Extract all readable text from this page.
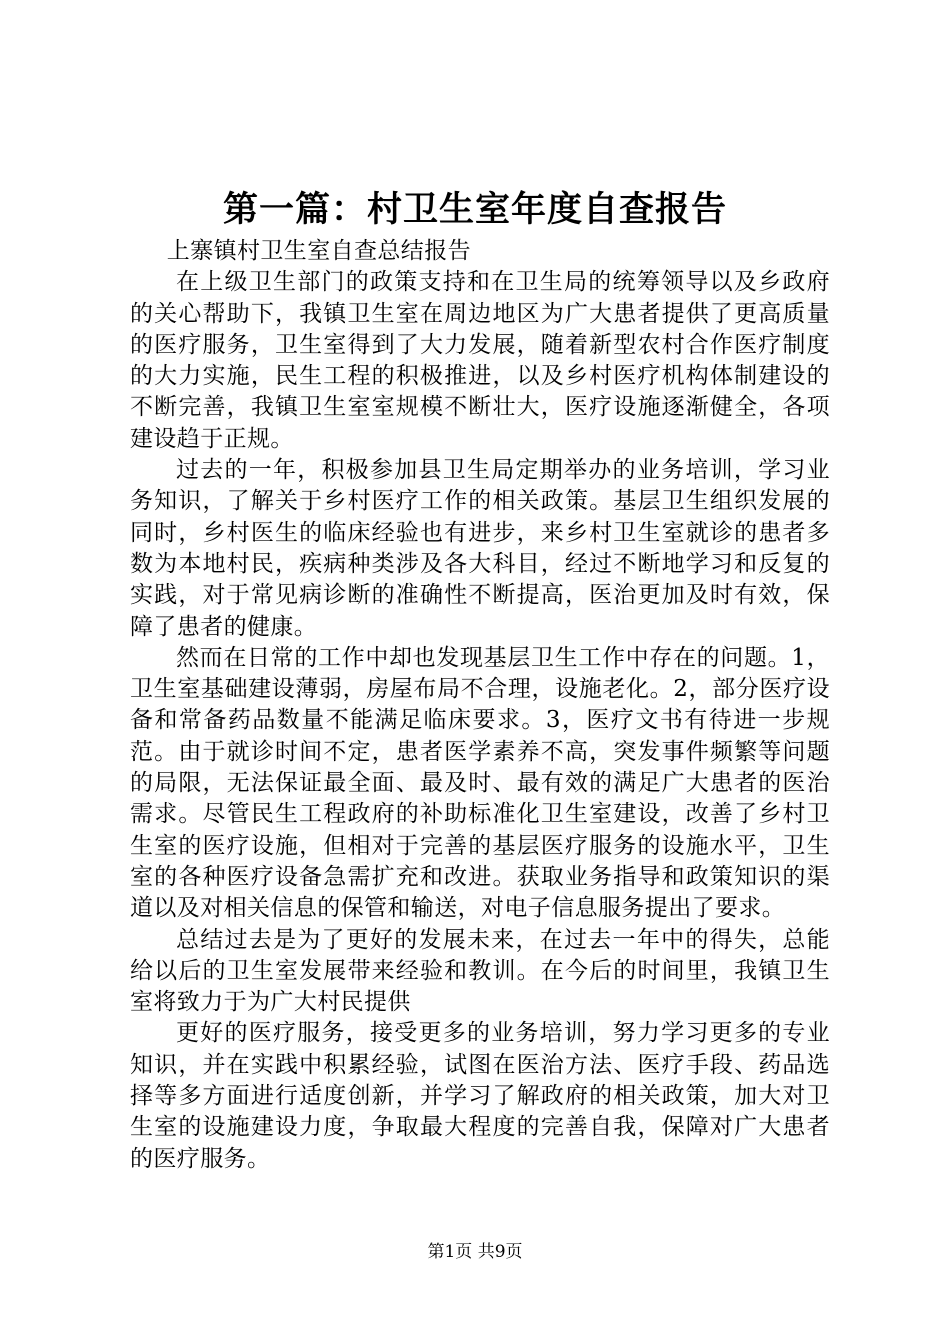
第一篇：村卫生室年度自查报告

上寨镇村卫生室自查总结报告

在上级卫生部门的政策支持和在卫生局的统筹领导以及乡政府的关心帮助下，我镇卫生室在周边地区为广大患者提供了更高质量的医疗服务，卫生室得到了大力发展，随着新型农村合作医疗制度的大力实施，民生工程的积极推进，以及乡村医疗机构体制建设的不断完善，我镇卫生室室规模不断壮大，医疗设施逐渐健全，各项建设趋于正规。

过去的一年，积极参加县卫生局定期举办的业务培训，学习业务知识，了解关于乡村医疗工作的相关政策。基层卫生组织发展的同时，乡村医生的临床经验也有进步，来乡村卫生室就诊的患者多数为本地村民，疾病种类涉及各大科目，经过不断地学习和反复的实践，对于常见病诊断的准确性不断提高，医治更加及时有效，保障了患者的健康。

然而在日常的工作中却也发现基层卫生工作中存在的问题。1，卫生室基础建设薄弱，房屋布局不合理，设施老化。2，部分医疗设备和常备药品数量不能满足临床要求。3，医疗文书有待进一步规范。由于就诊时间不定，患者医学素养不高，突发事件频繁等问题的局限，无法保证最全面、最及时、最有效的满足广大患者的医治需求。尽管民生工程政府的补助标准化卫生室建设，改善了乡村卫生室的医疗设施，但相对于完善的基层医疗服务的设施水平，卫生室的各种医疗设备急需扩充和改进。获取业务指导和政策知识的渠道以及对相关信息的保管和输送，对电子信息服务提出了要求。

总结过去是为了更好的发展未来，在过去一年中的得失，总能给以后的卫生室发展带来经验和教训。在今后的时间里，我镇卫生室将致力于为广大村民提供

更好的医疗服务，接受更多的业务培训，努力学习更多的专业知识，并在实践中积累经验，试图在医治方法、医疗手段、药品选择等多方面进行适度创新，并学习了解政府的相关政策，加大对卫生室的设施建设力度，争取最大程度的完善自我，保障对广大患者的医疗服务。

第1页 共9页
